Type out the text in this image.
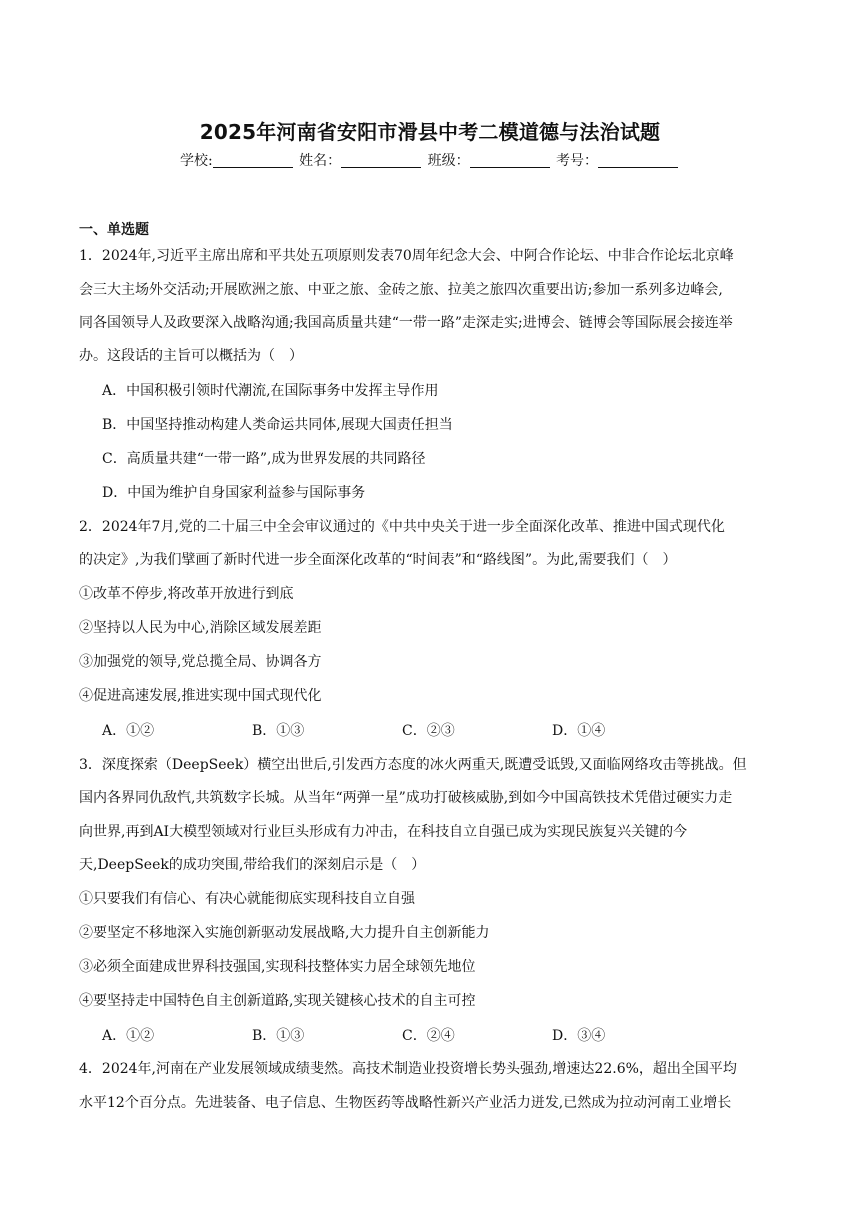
2025年河南省安阳市滑县中考二模道德与法治试题
学校:	姓名：	班级：	考号：
一、单选题
1．2024年,习近平主席出席和平共处五项原则发表70周年纪念大会、中阿合作论坛、中非合作论坛北京峰
会三大主场外交活动;开展欧洲之旅、中亚之旅、金砖之旅、拉美之旅四次重要出访;参加一系列多边峰会,
同各国领导人及政要深入战略沟通;我国高质量共建“一带一路”走深走实;进博会、链博会等国际展会接连举
办。这段话的主旨可以概括为（　）
A．中国积极引领时代潮流,在国际事务中发挥主导作用
B．中国坚持推动构建人类命运共同体,展现大国责任担当
C．高质量共建“一带一路”,成为世界发展的共同路径
D．中国为维护自身国家利益参与国际事务
2．2024年7月,党的二十届三中全会审议通过的《中共中央关于进一步全面深化改革、推进中国式现代化
的决定》,为我们擘画了新时代进一步全面深化改革的“时间表”和“路线图”。为此,需要我们（　）
①改革不停步,将改革开放进行到底
②坚持以人民为中心,消除区域发展差距
③加强党的领导,党总揽全局、协调各方
④促进高速发展,推进实现中国式现代化
A．①②	B．①③	C．②③	D．①④
3．深度探索（DeepSeek）横空出世后,引发西方态度的冰火两重天,既遭受诋毁,又面临网络攻击等挑战。但
国内各界同仇敌忾,共筑数字长城。从当年“两弹一星”成功打破核威胁,到如今中国高铁技术凭借过硬实力走
向世界,再到AI大模型领域对行业巨头形成有力冲击，在科技自立自强已成为实现民族复兴关键的今
天,DeepSeek的成功突围,带给我们的深刻启示是（　）
①只要我们有信心、有决心就能彻底实现科技自立自强
②要坚定不移地深入实施创新驱动发展战略,大力提升自主创新能力
③必须全面建成世界科技强国,实现科技整体实力居全球领先地位
④要坚持走中国特色自主创新道路,实现关键核心技术的自主可控
A．①②	B．①③	C．②④	D．③④
4．2024年,河南在产业发展领域成绩斐然。高技术制造业投资增长势头强劲,增速达22.6%，超出全国平均
水平12个百分点。先进装备、电子信息、生物医药等战略性新兴产业活力迸发,已然成为拉动河南工业增长
